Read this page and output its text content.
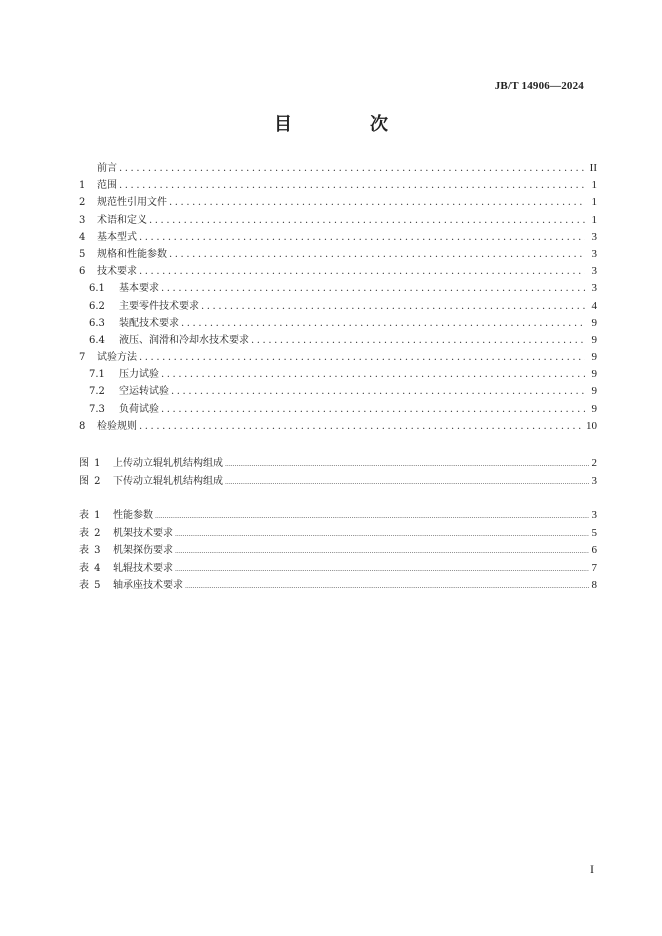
JB/T 14906—2024
目　次
前言 .....	II
1	范围 .....	1
2	规范性引用文件 .....	1
3	术语和定义 .....	1
4	基本型式 .....	3
5	规格和性能参数 .....	3
6	技术要求 .....	3
6.1	基本要求 .....	3
6.2	主要零件技术要求 .....	4
6.3	装配技术要求 .....	9
6.4	液压、润滑和冷却水技术要求 .....	9
7	试验方法 .....	9
7.1	压力试验 .....	9
7.2	空运转试验 .....	9
7.3	负荷试验 .....	9
8	检验规则 .....	10
图 1	上传动立辊轧机结构组成 .....	2
图 2	下传动立辊轧机结构组成 .....	3
表 1	性能参数 .....	3
表 2	机架技术要求 .....	5
表 3	机架探伤要求 .....	6
表 4	轧辊技术要求 .....	7
表 5	轴承座技术要求 .....	8
I
